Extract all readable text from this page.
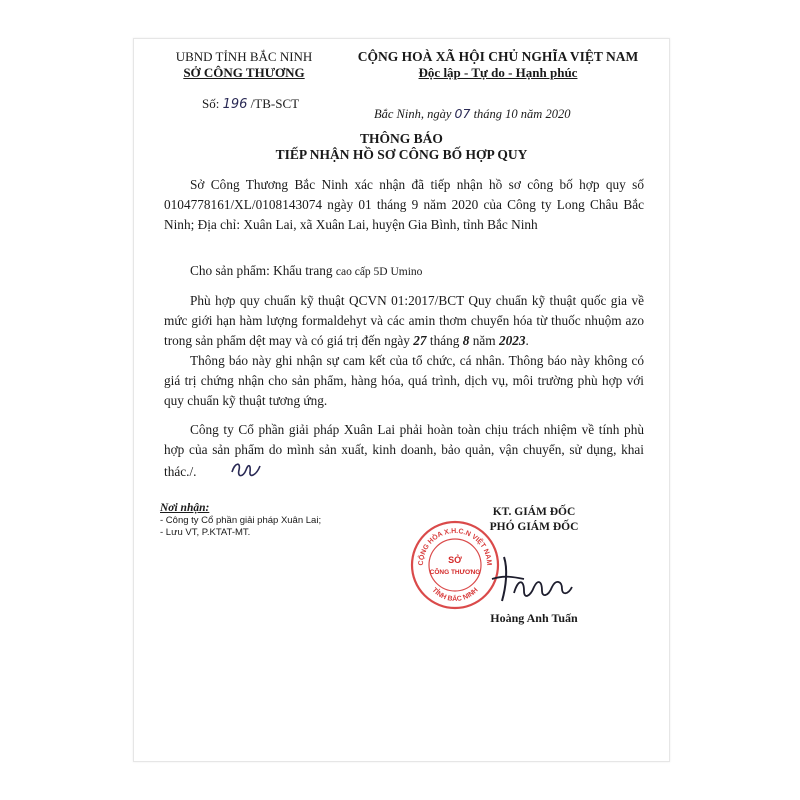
UBND TỈNH BẮC NINH
SỞ CÔNG THƯƠNG
CỘNG HOÀ XÃ HỘI CHỦ NGHĨA VIỆT NAM
Độc lập - Tự do - Hạnh phúc
Số: 196 /TB-SCT
Bắc Ninh, ngày 07 tháng 10 năm 2020
THÔNG BÁO
TIẾP NHẬN HỒ SƠ CÔNG BỐ HỢP QUY
Sở Công Thương Bắc Ninh xác nhận đã tiếp nhận hồ sơ công bố hợp quy số 0104778161/XL/0108143074 ngày 01 tháng 9 năm 2020 của Công ty Long Châu Bắc Ninh; Địa chỉ: Xuân Lai, xã Xuân Lai, huyện Gia Bình, tỉnh Bắc Ninh
Cho sản phẩm: Khẩu trang cao cấp 5D Umino
Phù hợp quy chuẩn kỹ thuật QCVN 01:2017/BCT Quy chuẩn kỹ thuật quốc gia về mức giới hạn hàm lượng formaldehyt và các amin thơm chuyển hóa từ thuốc nhuộm azo trong sản phẩm dệt may và có giá trị đến ngày 27 tháng 8 năm 2023.
Thông báo này ghi nhận sự cam kết của tổ chức, cá nhân. Thông báo này không có giá trị chứng nhận cho sản phẩm, hàng hóa, quá trình, dịch vụ, môi trường phù hợp với quy chuẩn kỹ thuật tương ứng.
Công ty Cổ phần giải pháp Xuân Lai phải hoàn toàn chịu trách nhiệm về tính phù hợp của sản phẩm do mình sản xuất, kinh doanh, bảo quản, vận chuyển, sử dụng, khai thác./.
Nơi nhận:
- Công ty Cổ phần giải pháp Xuân Lai;
- Lưu VT, P.KTAT-MT.
KT. GIÁM ĐỐC
PHÓ GIÁM ĐỐC
CỘNG HÒA X.H.C.N VIỆT NAM
TỈNH BẮC NINH
SỞ
CÔNG THƯƠNG
Hoàng Anh Tuấn
